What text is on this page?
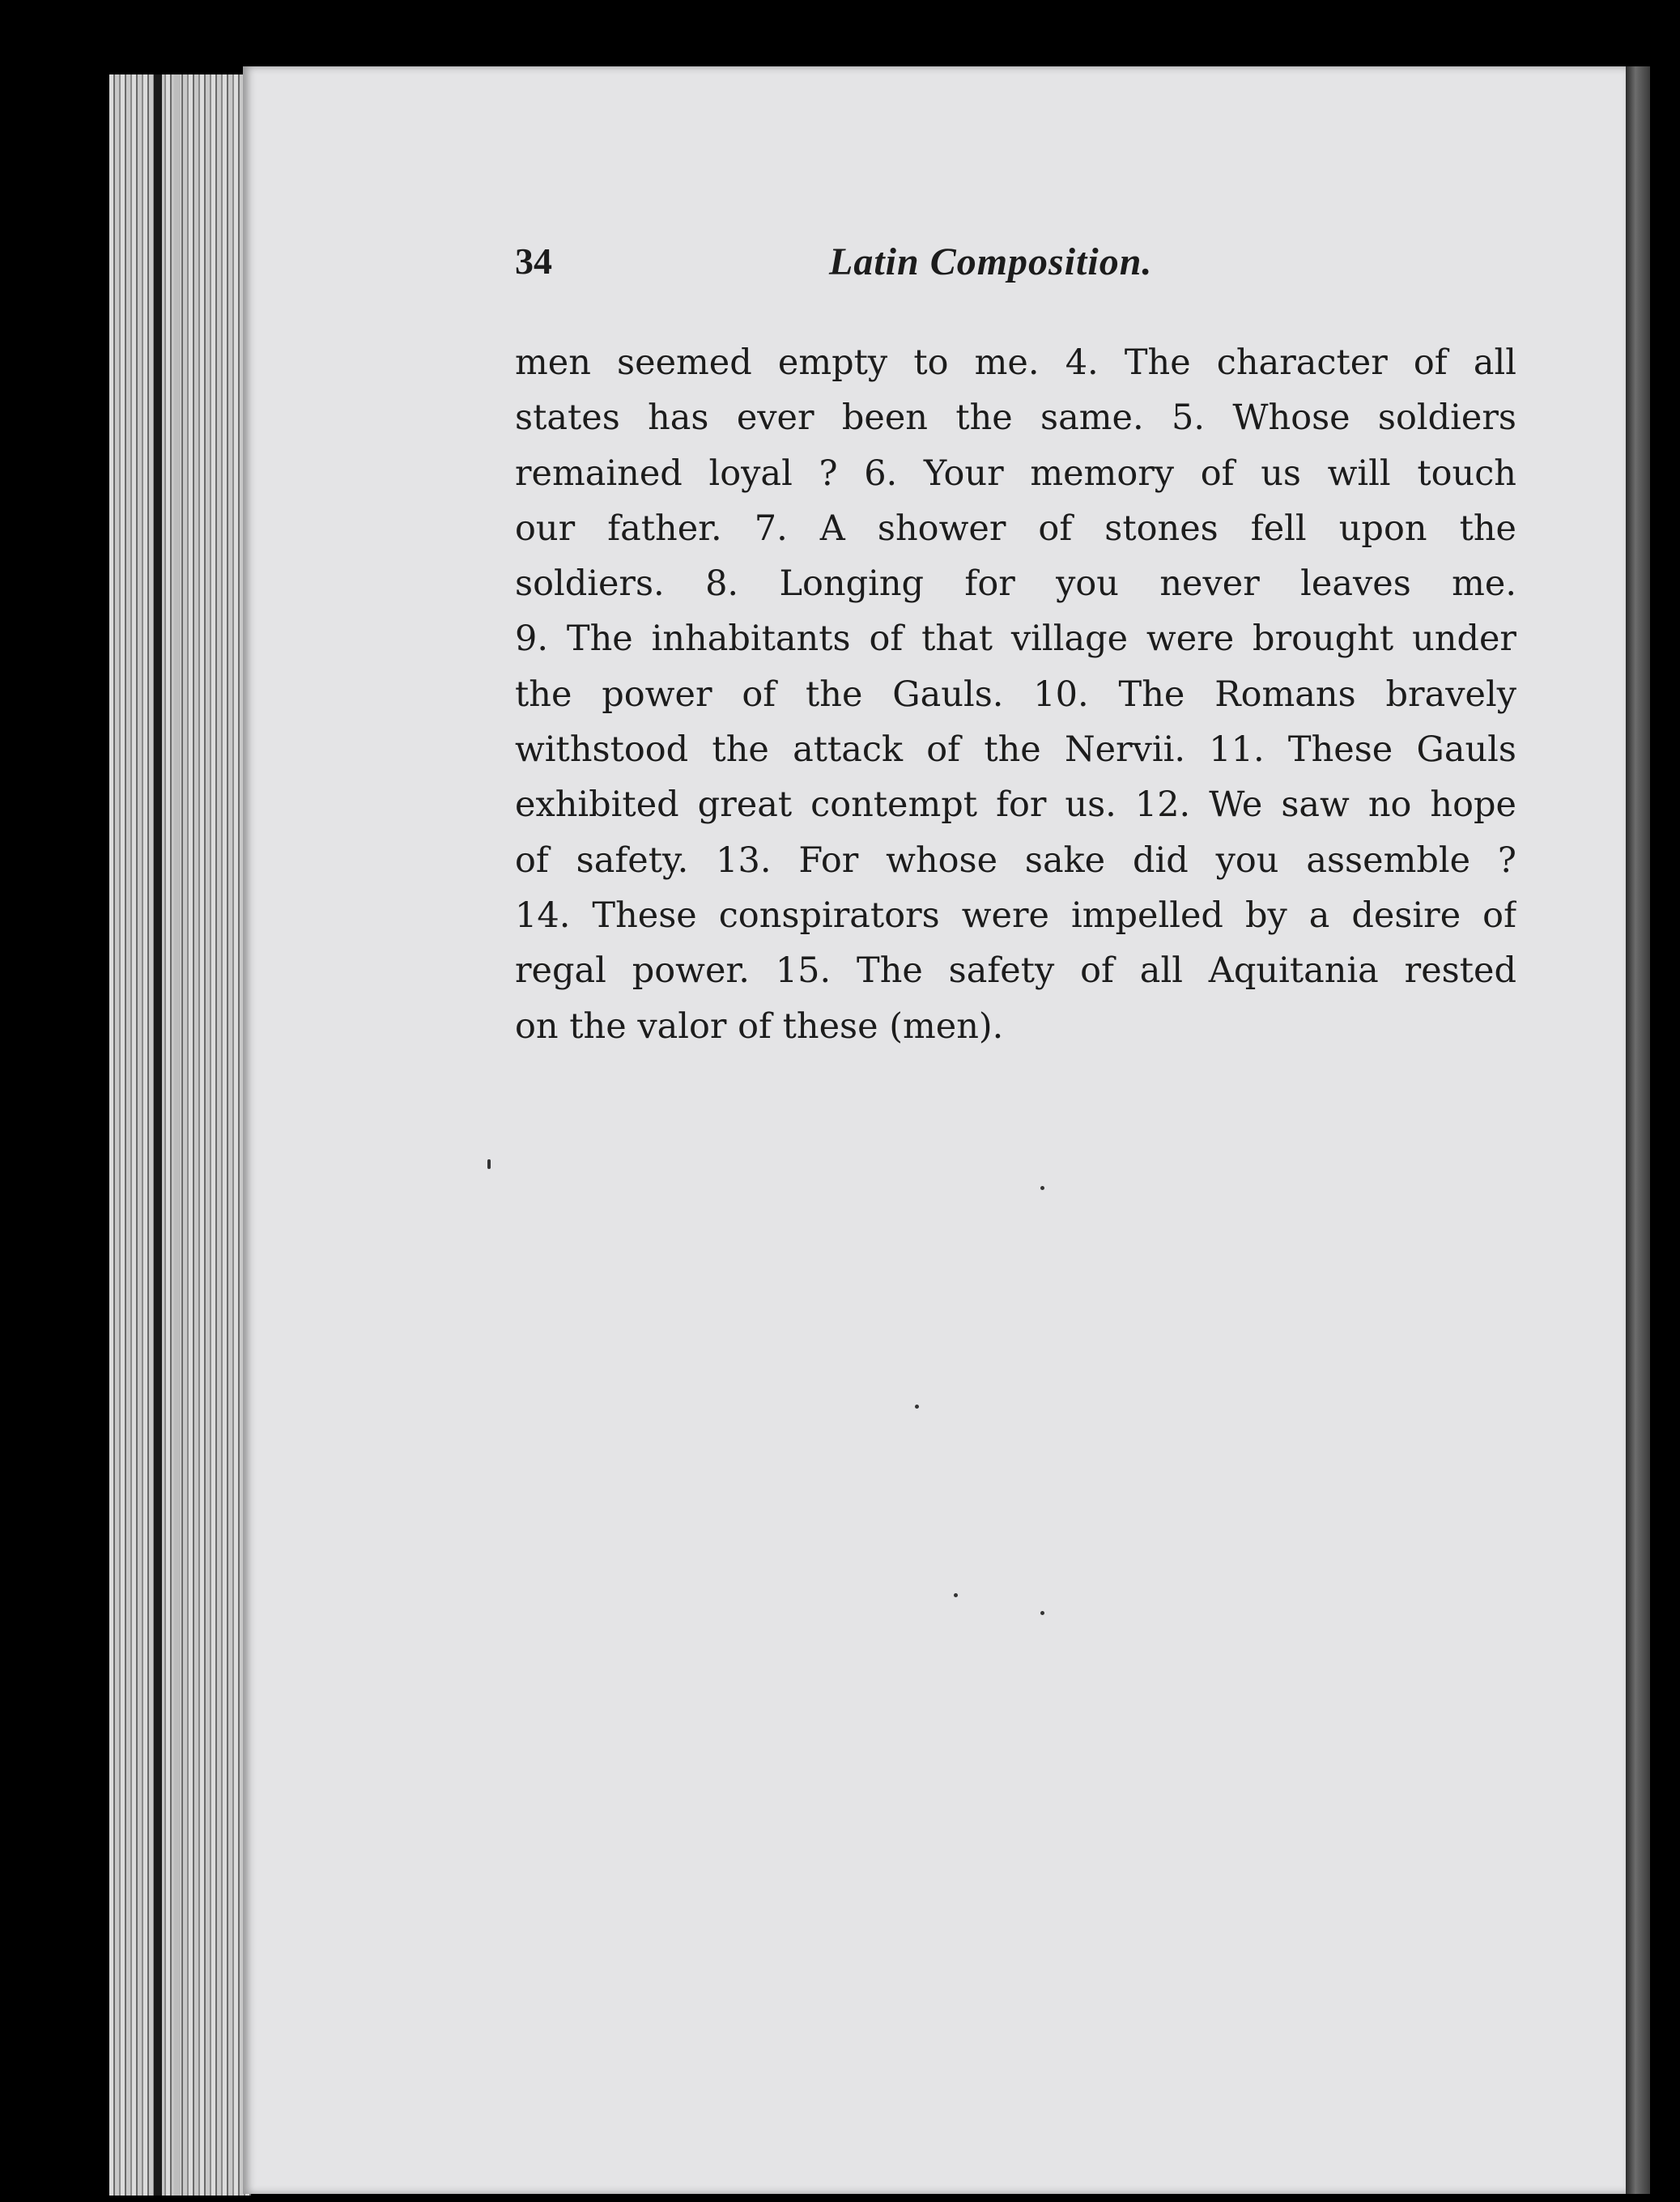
34	Latin Composition.
men seemed empty to me. 4. The character of all
states has ever been the same. 5. Whose soldiers
remained loyal ? 6. Your memory of us will touch
our father. 7. A shower of stones fell upon the
soldiers. 8. Longing for you never leaves me.
9. The inhabitants of that village were brought under
the power of the Gauls. 10. The Romans bravely
withstood the attack of the Nervii. 11. These Gauls
exhibited great contempt for us. 12. We saw no hope
of safety. 13. For whose sake did you assemble ?
14. These conspirators were impelled by a desire of
regal power. 15. The safety of all Aquitania rested
on the valor of these (men).
